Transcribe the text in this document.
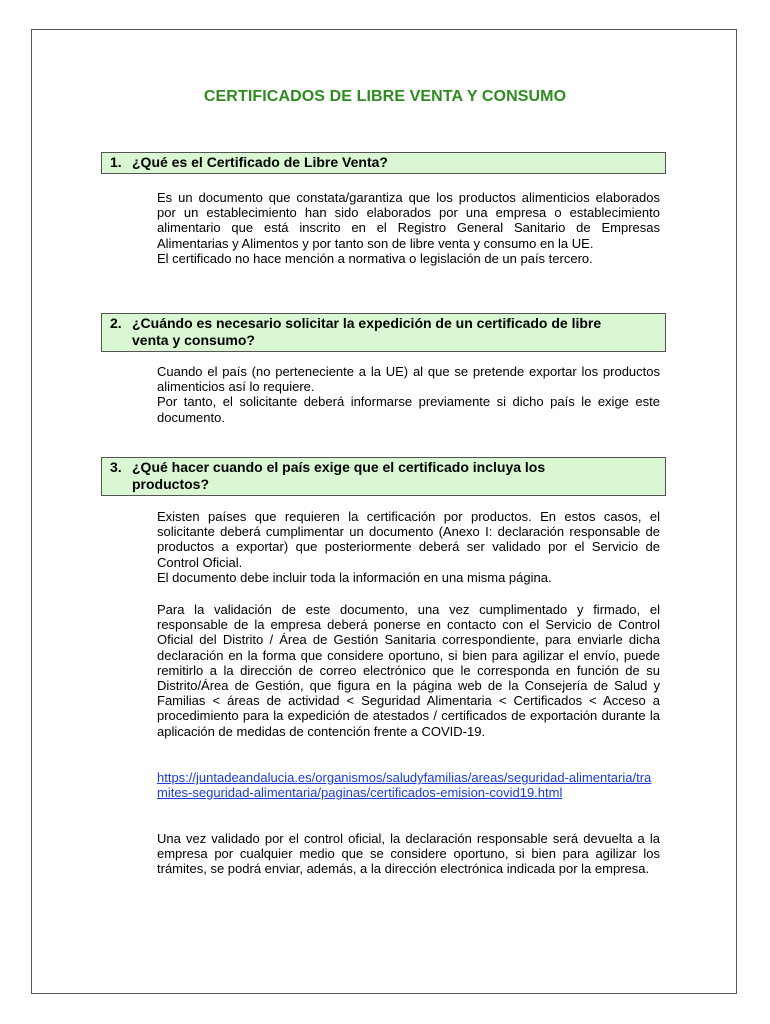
CERTIFICADOS DE LIBRE VENTA Y CONSUMO
1. ¿Qué es el Certificado de Libre Venta?

Es un documento que constata/garantiza que los productos alimenticios elaborados por un establecimiento han sido elaborados por una empresa o establecimiento alimentario que está inscrito en el Registro General Sanitario de Empresas Alimentarias y Alimentos y por tanto son de libre venta y consumo en la UE.

El certificado no hace mención a normativa o legislación de un país tercero.

2. ¿Cuándo es necesario solicitar la expedición de un certificado de libre
venta y consumo?

Cuando el país (no perteneciente a la UE) al que se pretende exportar los productos alimenticios así lo requiere.

Por tanto, el solicitante deberá informarse previamente si dicho país le exige este documento.

3. ¿Qué hacer cuando el país exige que el certificado incluya los
productos?

Existen países que requieren la certificación por productos. En estos casos, el solicitante deberá cumplimentar un documento (Anexo I: declaración responsable de productos a exportar) que posteriormente deberá ser validado por el Servicio de Control Oficial.

El documento debe incluir toda la información en una misma página.

Para la validación de este documento, una vez cumplimentado y firmado, el responsable de la empresa deberá ponerse en contacto con el Servicio de Control Oficial del Distrito / Área de Gestión Sanitaria correspondiente, para enviarle dicha declaración en la forma que considere oportuno, si bien para agilizar el envío, puede remitirlo a la dirección de correo electrónico que le corresponda en función de su Distrito/Área de Gestión, que figura en la página web de la Consejería de Salud y Familias < áreas de actividad < Seguridad Alimentaria < Certificados < Acceso a procedimiento para la expedición de atestados / certificados de exportación durante la aplicación de medidas de contención frente a COVID-19.

https://juntadeandalucia.es/organismos/saludyfamilias/areas/seguridad-alimentaria/tramites-seguridad-alimentaria/paginas/certificados-emision-covid19.html

Una vez validado por el control oficial, la declaración responsable será devuelta a la empresa por cualquier medio que se considere oportuno, si bien para agilizar los trámites, se podrá enviar, además, a la dirección electrónica indicada por la empresa.
